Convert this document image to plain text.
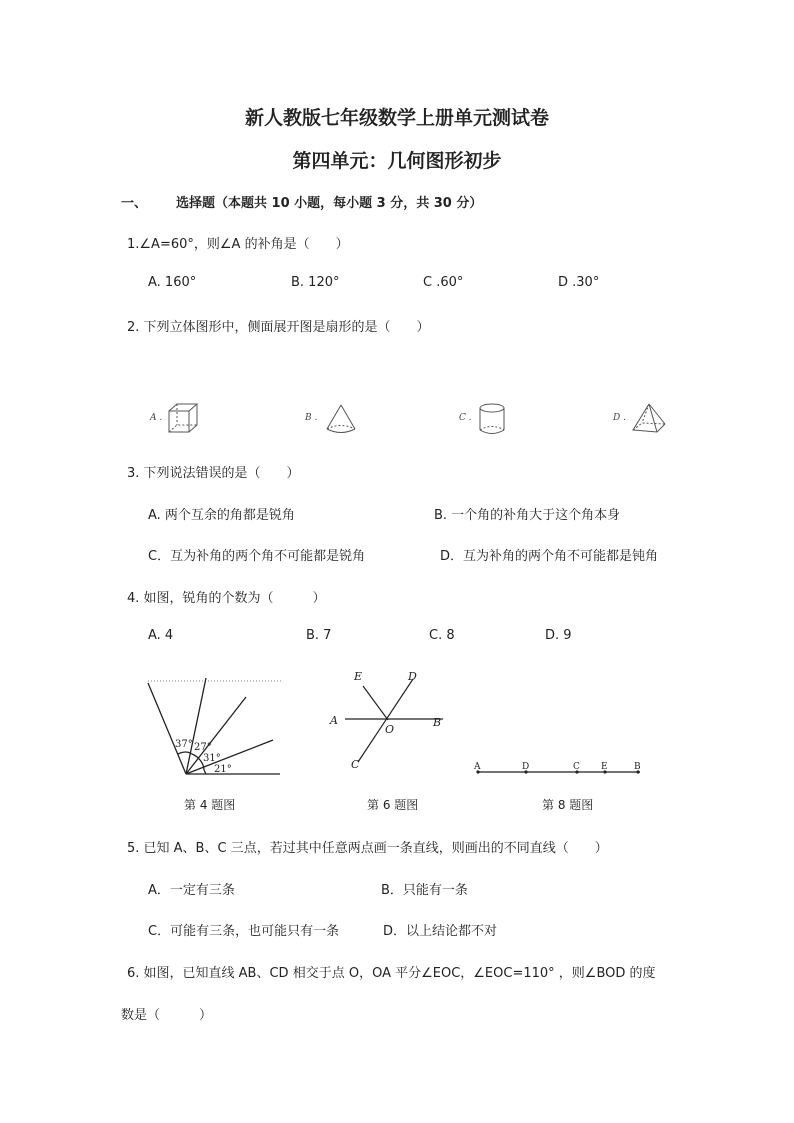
新人教版七年级数学上册单元测试卷
第四单元：几何图形初步
一、 选择题（本题共 10 小题，每小题 3 分，共 30 分）
1.∠A=60°，则∠A 的补角是（　　）
A. 160°	B. 120°	C .60°	D .30°
2. 下列立体图形中，侧面展开图是扇形的是（　　）
A .	B .	C .	D .
3. 下列说法错误的是（　　）
A. 两个互余的角都是锐角	B. 一个角的补角大于这个角本身
C．互为补角的两个角不可能都是锐角	D．互为补角的两个角不可能都是钝角
4. 如图，锐角的个数为（　　　）
A. 4	B. 7	C. 8	D. 9
37° 27°
31°
21°
第 4 题图
E	D
A
O
B
C
第 6 题图
A	D	C E	B
第 8 题图
5. 已知 A、B、C 三点，若过其中任意两点画一条直线，则画出的不同直线（　　）
A．一定有三条	B．只能有一条
C．可能有三条，也可能只有一条	D．以上结论都不对
6. 如图，已知直线 AB、CD 相交于点 O，OA 平分∠EOC，∠EOC=110° ，则∠BOD 的度
数是（　　　）
